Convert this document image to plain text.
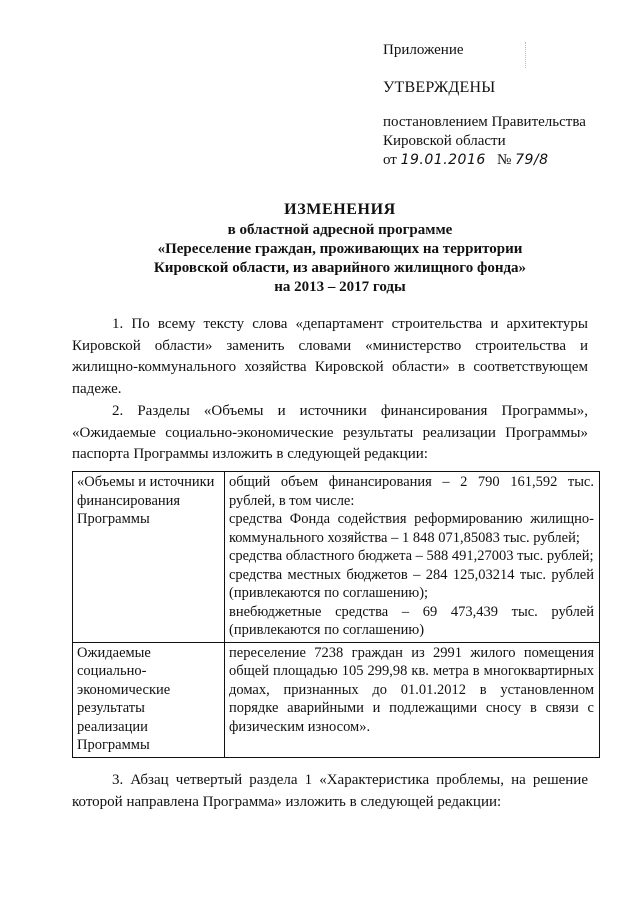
Приложение
УТВЕРЖДЕНЫ
постановлением Правительства
Кировской области
от 19.01.2016 № 79/8
ИЗМЕНЕНИЯ
в областной адресной программе
«Переселение граждан, проживающих на территории
Кировской области, из аварийного жилищного фонда»
на 2013 – 2017 годы
1. По всему тексту слова «департамент строительства и архитектуры Кировской области» заменить словами «министерство строительства и жилищно-коммунального хозяйства Кировской области» в соответствующем падеже.
2. Разделы «Объемы и источники финансирования Программы», «Ожидаемые социально-экономические результаты реализации Программы» паспорта Программы изложить в следующей редакции:
«Объемы и источники финансирования Программы	общий объем финансирования – 2 790 161,592 тыс. рублей, в том числе:
средства Фонда содействия реформированию жилищно-коммунального хозяйства – 1 848 071,85083 тыс. рублей;
средства областного бюджета – 588 491,27003 тыс. рублей;
средства местных бюджетов – 284 125,03214 тыс. рублей (привлекаются по соглашению);
внебюджетные средства – 69 473,439 тыс. рублей (привлекаются по соглашению)

Ожидаемые социально-экономические результаты реализации Программы	переселение 7238 граждан из 2991 жилого помещения общей площадью 105 299,98 кв. метра в многоквартирных домах, признанных до 01.01.2012 в установленном порядке аварийными и подлежащими сносу в связи с физическим износом».
3. Абзац четвертый раздела 1 «Характеристика проблемы, на решение которой направлена Программа» изложить в следующей редакции:
